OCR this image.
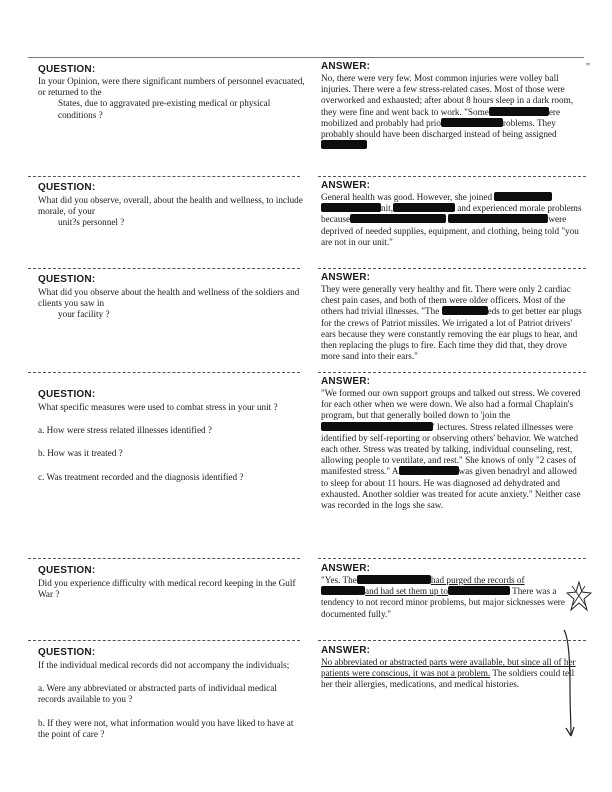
"
QUESTION:	ANSWER:

In your Opinion, were there significant numbers of personnel evacuated, or returned to the

States, due to aggravated pre-existing medical or physical conditions ?

No, there were very few. Most common injuries were volley ball injuries. There were a few stress-related cases. Most of those were overworked and exhausted; after about 8 hours sleep in a dark room, they were fine and went back to work. "Some	ere mobilized and probably had prio	roblems. They probably should have been discharged instead of being assigned

QUESTION:	ANSWER:

What did you observe, overall, about the health and wellness, to include morale, of your

unit?s personnel ?

General health was good. However, she joined
nit,	and experienced morale problems because	were deprived of needed supplies, equipment, and clothing, being told "you are not in our unit."

QUESTION:	ANSWER:

What did you observe about the health and wellness of the soldiers and clients you saw in

your facility ?

They were generally very healthy and fit. There were only 2 cardiac chest pain cases, and both of them were older officers. Most of the others had trivial illnesses. "The	eds to get better ear plugs for the crews of Patriot missiles. We irrigated a lot of Patriot drivers' ears because they were constantly removing the ear plugs to hear, and then replacing the plugs to fire. Each time they did that, they drove more sand into their ears."

QUESTION:
ANSWER:

What specific measures were used to combat stress in your unit ?

a. How were stress related illnesses identified ?

b. How was it treated ?

c. Was treatment recorded and the diagnosis identified ?

"We formed our own support groups and talked out stress. We covered for each other when we were down. We also had a formal Chaplain's program, but that generally boiled down to 'join the' lectures. Stress related illnesses were identified by self-reporting or observing others' behavior. We watched each other. Stress was treated by talking, individual counseling, rest, allowing people to ventilate, and rest." She knows of only "2 cases of manifested stress." A	was given benadryl and allowed to sleep for about 11 hours. He was diagnosed ad dehydrated and exhausted. Another soldier was treated for acute anxiety." Neither case was recorded in the logs she saw.

QUESTION:	ANSWER:

Did you experience difficulty with medical record keeping in the Gulf War ?

"Yes. The	had purged the records of
and had set them up to	There was a tendency to not record minor problems, but major sicknesses were documented fully."

QUESTION:	ANSWER:

If the individual medical records did not accompany the individuals;

a. Were any abbreviated or abstracted parts of individual medical records available to you ?

b. If they were not, what information would you have liked to have at the point of care ?

No abbreviated or abstracted parts were available, but since all of her patients were conscious, it was not a problem. The soldiers could tell her their allergies, medications, and medical histories.
